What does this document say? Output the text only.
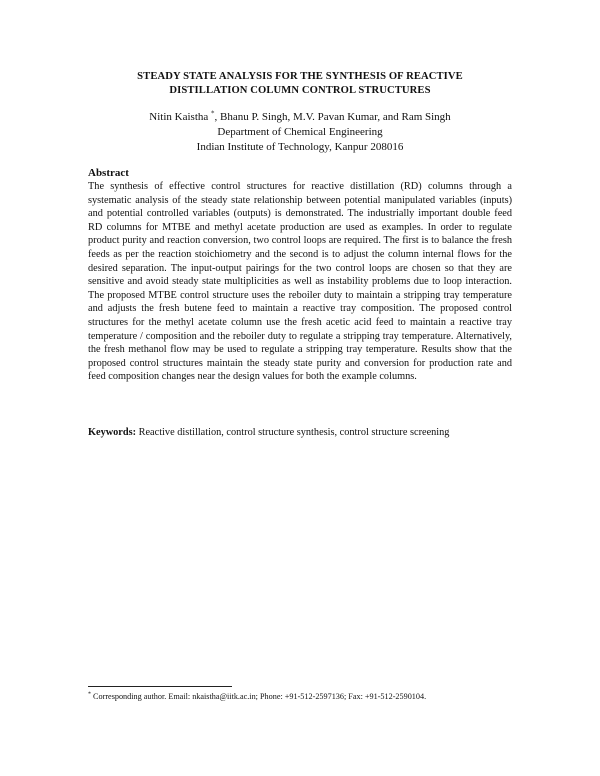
STEADY STATE ANALYSIS FOR THE SYNTHESIS OF REACTIVE
DISTILLATION COLUMN CONTROL STRUCTURES
Nitin Kaistha *, Bhanu P. Singh, M.V. Pavan Kumar, and Ram Singh
Department of Chemical Engineering
Indian Institute of Technology, Kanpur 208016
Abstract
The synthesis of effective control structures for reactive distillation (RD) columns through a systematic analysis of the steady state relationship between potential manipulated variables (inputs) and potential controlled variables (outputs) is demonstrated. The industrially important double feed RD columns for MTBE and methyl acetate production are used as examples. In order to regulate product purity and reaction conversion, two control loops are required. The first is to balance the fresh feeds as per the reaction stoichiometry and the second is to adjust the column internal flows for the desired separation. The input-output pairings for the two control loops are chosen so that they are sensitive and avoid steady state multiplicities as well as instability problems due to loop interaction. The proposed MTBE control structure uses the reboiler duty to maintain a stripping tray temperature and adjusts the fresh butene feed to maintain a reactive tray composition. The proposed control structures for the methyl acetate column use the fresh acetic acid feed to maintain a reactive tray temperature / composition and the reboiler duty to regulate a stripping tray temperature. Alternatively, the fresh methanol flow may be used to regulate a stripping tray temperature. Results show that the proposed control structures maintain the steady state purity and conversion for production rate and feed composition changes near the design values for both the example columns.
Keywords: Reactive distillation, control structure synthesis, control structure screening
* Corresponding author. Email: nkaistha@iitk.ac.in; Phone: +91-512-2597136; Fax: +91-512-2590104.
